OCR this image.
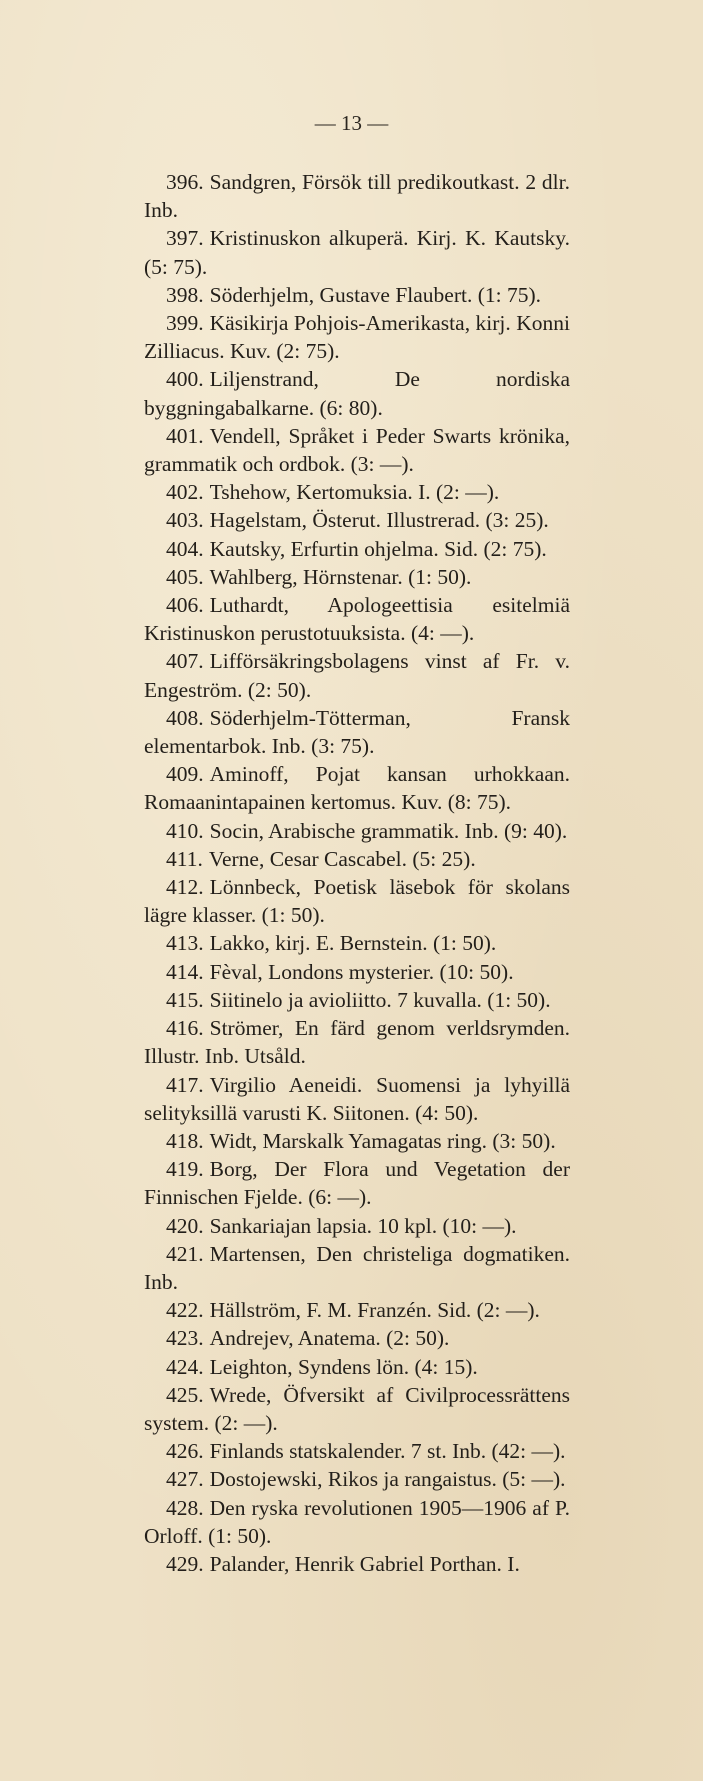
— 13 —

396. Sandgren, Försök till predikoutkast. 2 dlr. Inb.

397. Kristinuskon alkuperä. Kirj. K. Kautsky. (5: 75).

398. Söderhjelm, Gustave Flaubert. (1: 75).

399. Käsikirja Pohjois-Amerikasta, kirj. Konni Zilliacus. Kuv. (2: 75).

400. Liljenstrand, De nordiska byggningabalkarne. (6: 80).

401. Vendell, Språket i Peder Swarts krönika, grammatik och ordbok. (3: —).

402. Tshehow, Kertomuksia. I. (2: —).

403. Hagelstam, Österut. Illustrerad. (3: 25).

404. Kautsky, Erfurtin ohjelma. Sid. (2: 75).

405. Wahlberg, Hörnstenar. (1: 50).

406. Luthardt, Apologeettisia esitelmiä Kristinuskon perustotuuksista. (4: —).

407. Lifförsäkringsbolagens vinst af Fr. v. Engeström. (2: 50).

408. Söderhjelm-Tötterman, Fransk elementarbok. Inb. (3: 75).

409. Aminoff, Pojat kansan urhokkaan. Romaanintapainen kertomus. Kuv. (8: 75).

410. Socin, Arabische grammatik. Inb. (9: 40).

411. Verne, Cesar Cascabel. (5: 25).

412. Lönnbeck, Poetisk läsebok för skolans lägre klasser. (1: 50).

413. Lakko, kirj. E. Bernstein. (1: 50).

414. Fèval, Londons mysterier. (10: 50).

415. Siitinelo ja avioliitto. 7 kuvalla. (1: 50).

416. Strömer, En färd genom verldsrymden. Illustr. Inb. Utsåld.

417. Virgilio Aeneidi. Suomensi ja lyhyillä selityksillä varusti K. Siitonen. (4: 50).

418. Widt, Marskalk Yamagatas ring. (3: 50).

419. Borg, Der Flora und Vegetation der Finnischen Fjelde. (6: —).

420. Sankariajan lapsia. 10 kpl. (10: —).

421. Martensen, Den christeliga dogmatiken. Inb.

422. Hällström, F. M. Franzén. Sid. (2: —).

423. Andrejev, Anatema. (2: 50).

424. Leighton, Syndens lön. (4: 15).

425. Wrede, Öfversikt af Civilprocessrättens system. (2: —).

426. Finlands statskalender. 7 st. Inb. (42: —).

427. Dostojewski, Rikos ja rangaistus. (5: —).

428. Den ryska revolutionen 1905—1906 af P. Orloff. (1: 50).

429. Palander, Henrik Gabriel Porthan. I.
